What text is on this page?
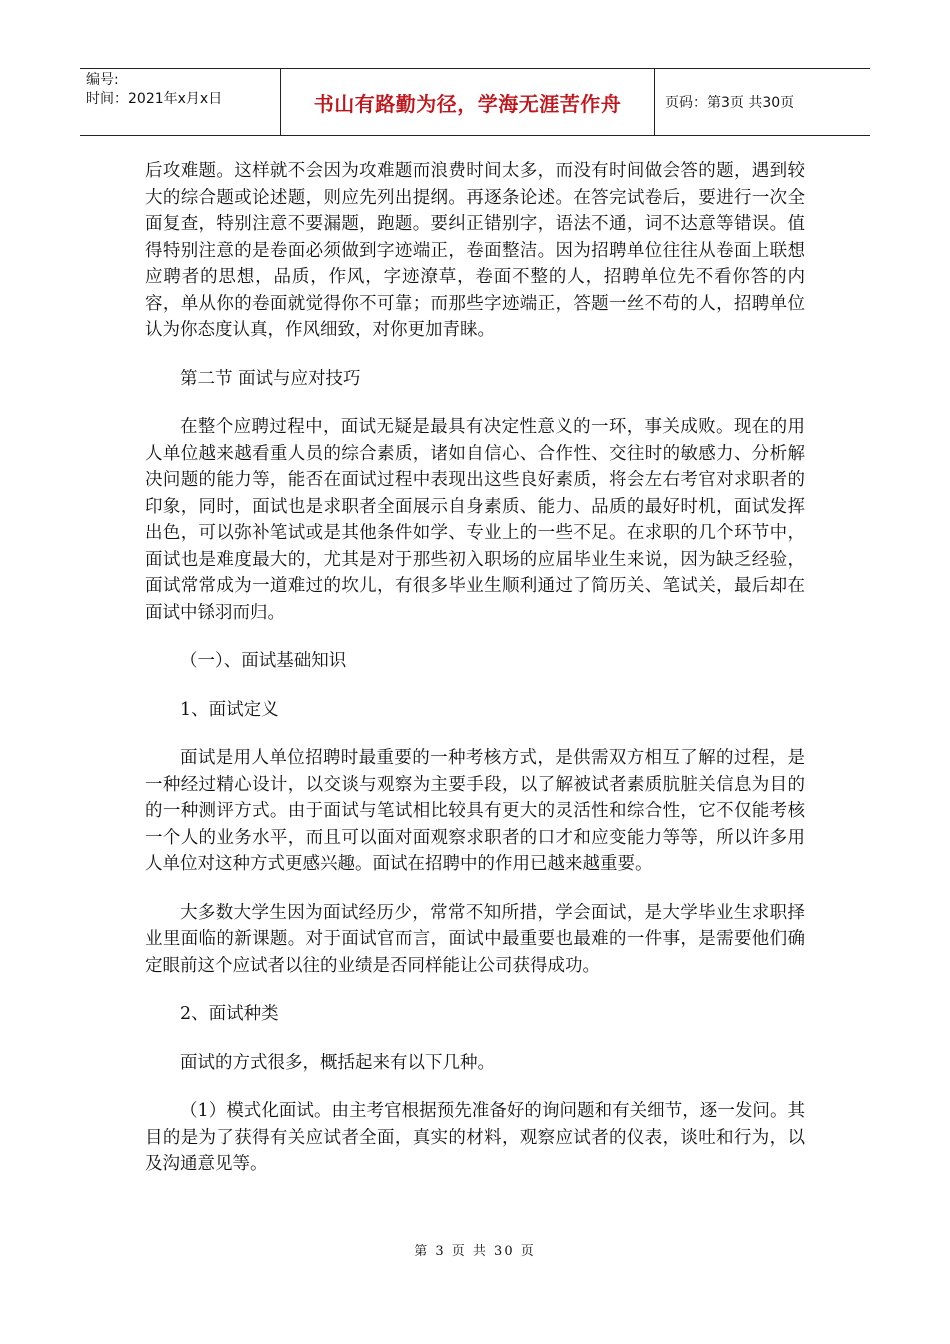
编号:
时间：2021年x月x日	书山有路勤为径，学海无涯苦作舟	页码：第3页 共30页

后攻难题。这样就不会因为攻难题而浪费时间太多，而没有时间做会答的题，遇到较大的综合题或论述题，则应先列出提纲。再逐条论述。在答完试卷后，要进行一次全面复查，特别注意不要漏题，跑题。要纠正错别字，语法不通，词不达意等错误。值得特别注意的是卷面必须做到字迹端正，卷面整洁。因为招聘单位往往从卷面上联想应聘者的思想，品质，作风，字迹潦草，卷面不整的人，招聘单位先不看你答的内容，单从你的卷面就觉得你不可靠；而那些字迹端正，答题一丝不苟的人，招聘单位认为你态度认真，作风细致，对你更加青睐。

第二节 面试与应对技巧

在整个应聘过程中，面试无疑是最具有决定性意义的一环，事关成败。现在的用人单位越来越看重人员的综合素质，诸如自信心、合作性、交往时的敏感力、分析解决问题的能力等，能否在面试过程中表现出这些良好素质，将会左右考官对求职者的印象，同时，面试也是求职者全面展示自身素质、能力、品质的最好时机，面试发挥出色，可以弥补笔试或是其他条件如学、专业上的一些不足。在求职的几个环节中，面试也是难度最大的，尤其是对于那些初入职场的应届毕业生来说，因为缺乏经验，面试常常成为一道难过的坎儿，有很多毕业生顺利通过了简历关、笔试关，最后却在面试中铩羽而归。

（一）、面试基础知识

1、面试定义

面试是用人单位招聘时最重要的一种考核方式，是供需双方相互了解的过程，是一种经过精心设计，以交谈与观察为主要手段，以了解被试者素质肮脏关信息为目的的一种测评方式。由于面试与笔试相比较具有更大的灵活性和综合性，它不仅能考核一个人的业务水平，而且可以面对面观察求职者的口才和应变能力等等，所以许多用人单位对这种方式更感兴趣。面试在招聘中的作用已越来越重要。

大多数大学生因为面试经历少，常常不知所措，学会面试，是大学毕业生求职择业里面临的新课题。对于面试官而言，面试中最重要也最难的一件事，是需要他们确定眼前这个应试者以往的业绩是否同样能让公司获得成功。

2、面试种类

面试的方式很多，概括起来有以下几种。

（1）模式化面试。由主考官根据预先准备好的询问题和有关细节，逐一发问。其目的是为了获得有关应试者全面，真实的材料，观察应试者的仪表，谈吐和行为，以及沟通意见等。

第 3 页 共 30 页
